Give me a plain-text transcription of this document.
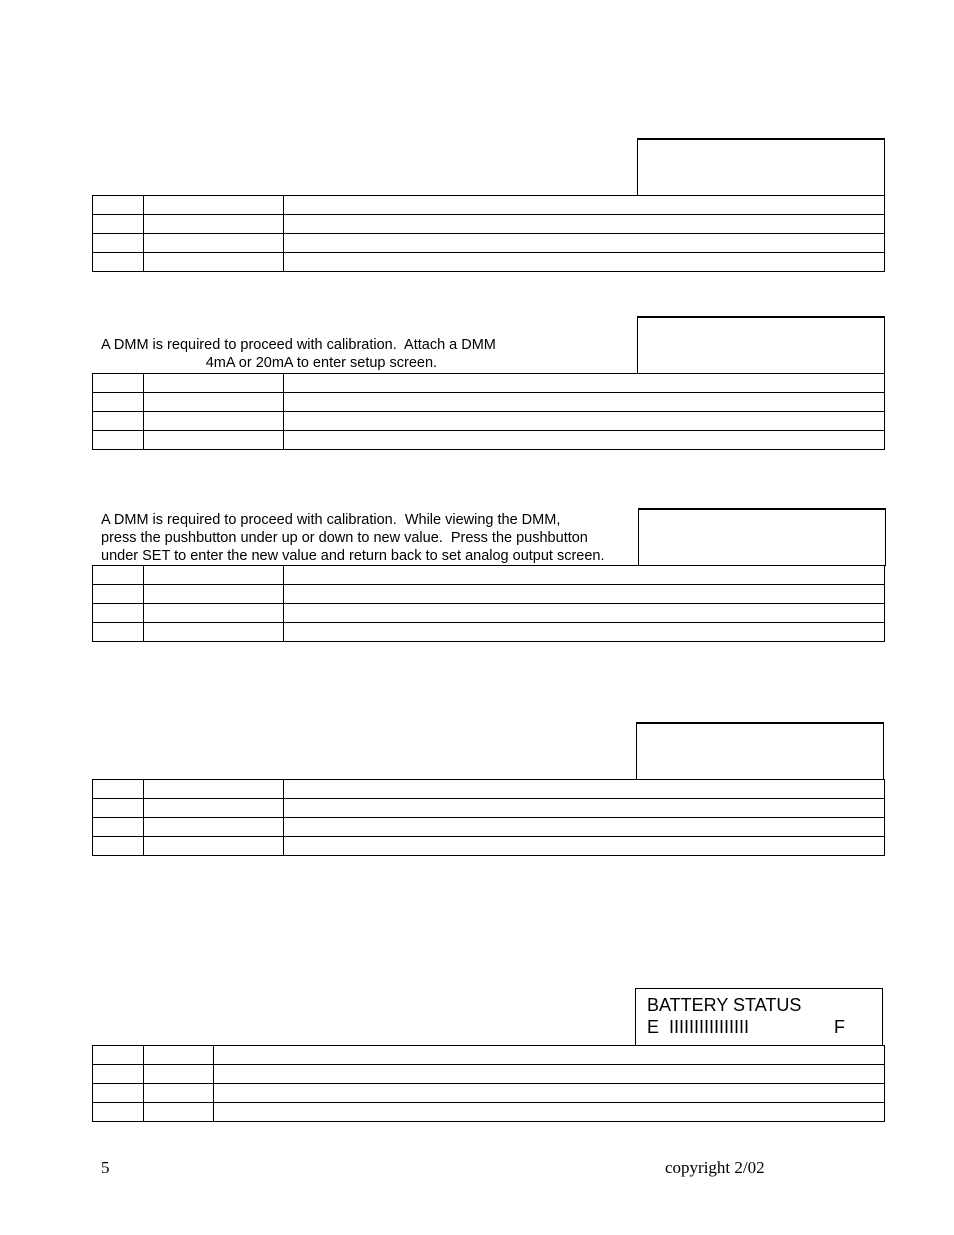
A DMM is required to proceed with calibration.  Attach a DMM
4mA or 20mA to enter setup screen.

A DMM is required to proceed with calibration.  While viewing the DMM,
press the pushbutton under up or down to new value.  Press the pushbutton
under SET to enter the new value and return back to set analog output screen.

BATTERY STATUS
E  IIIIIIIIIIIIIIII                 F

5	copyright 2/02
